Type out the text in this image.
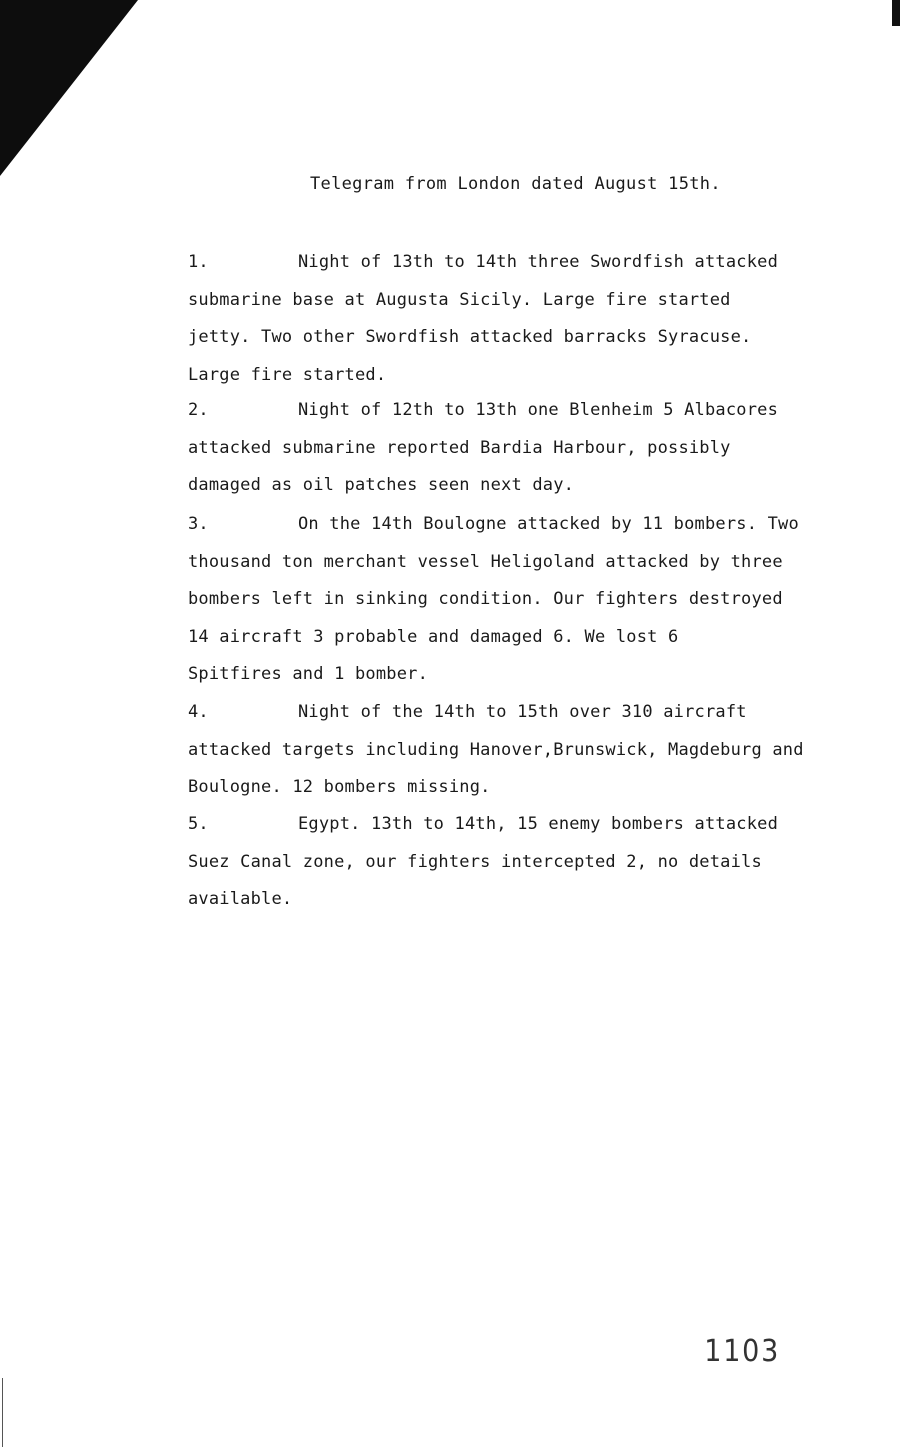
Telegram from London dated August 15th.
1.	Night of 13th to 14th three Swordfish attacked
submarine base at Augusta Sicily. Large fire started
jetty. Two other Swordfish attacked barracks Syracuse.
Large fire started.
2.	Night of 12th to 13th one Blenheim 5 Albacores
attacked submarine reported Bardia Harbour, possibly
damaged as oil patches seen next day.
3.	On the 14th Boulogne attacked by 11 bombers. Two
thousand ton merchant vessel Heligoland attacked by three
bombers left in sinking condition. Our fighters destroyed
14 aircraft 3 probable and damaged 6. We lost 6
Spitfires and 1 bomber.
4.	Night of the 14th to 15th over 310 aircraft
attacked targets including Hanover,Brunswick, Magdeburg and
Boulogne. 12 bombers missing.
5.	Egypt. 13th to 14th, 15 enemy bombers attacked
Suez Canal zone, our fighters intercepted 2, no details
available.
1103
